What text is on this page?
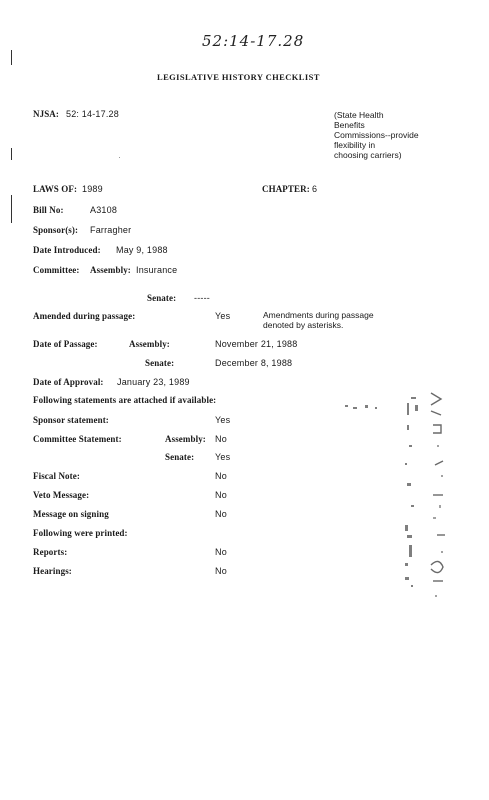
52:14-17.28
LEGISLATIVE HISTORY CHECKLIST
NJSA: 52: 14-17.28	(State Health
Benefits
Commissions--provide
flexibility in
choosing carriers)
LAWS OF: 1989	CHAPTER: 6
Bill No:	A3108
Sponsor(s): Farragher
Date Introduced: May 9, 1988
Committee: Assembly: Insurance
Senate: -----
Amended during passage:	Yes	Amendments during passage denoted by asterisks.
Date of Passage:	Assembly:	November 21, 1988
Senate:	December 8, 1988
Date of Approval: January 23, 1989
Following statements are attached if available:
Sponsor statement:	Yes
Committee Statement:	Assembly: No
Senate: Yes
Fiscal Note:	No
Veto Message:	No
Message on signing	No
Following were printed:
Reports:	No
Hearings:	No
